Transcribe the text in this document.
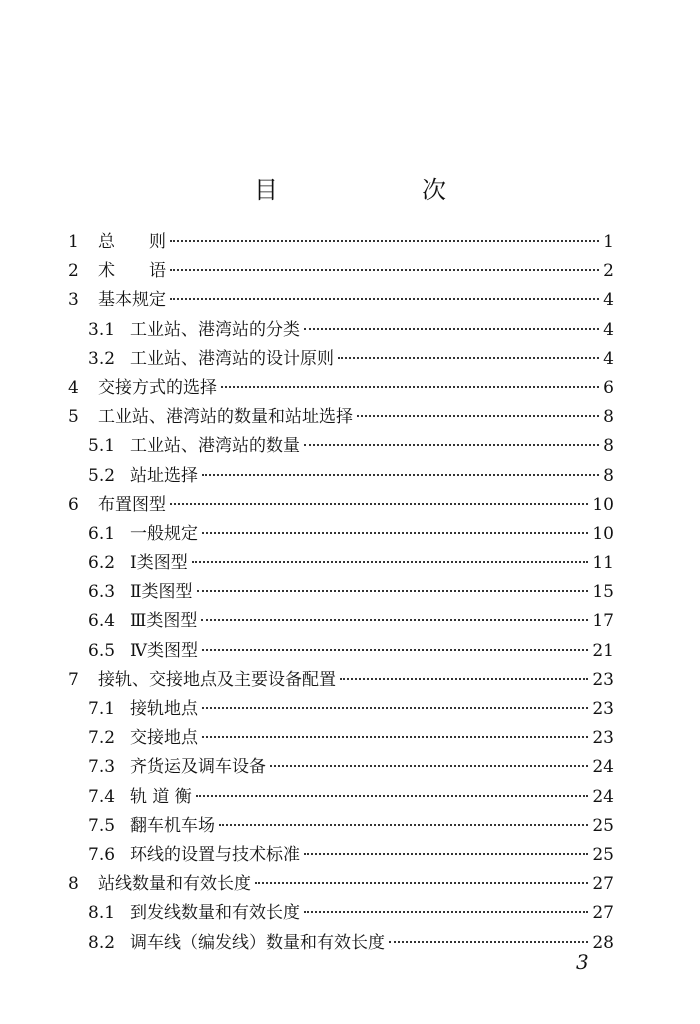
目　次
1	总　　则	1
2	术　　语	2
3	基本规定	4
3.1 工业站、港湾站的分类	4
3.2 工业站、港湾站的设计原则	4
4	交接方式的选择	6
5	工业站、港湾站的数量和站址选择	8
5.1 工业站、港湾站的数量	8
5.2 站址选择	8
6	布置图型	10
6.1 一般规定	10
6.2 Ⅰ类图型	11
6.3 Ⅱ类图型	15
6.4 Ⅲ类图型	17
6.5 Ⅳ类图型	21
7	接轨、交接地点及主要设备配置	23
7.1 接轨地点	23
7.2 交接地点	23
7.3 齐货运及调车设备	24
7.4 轨 道 衡	24
7.5 翻车机车场	25
7.6 环线的设置与技术标准	25
8	站线数量和有效长度	27
8.1 到发线数量和有效长度	27
8.2 调车线（编发线）数量和有效长度	28
3
